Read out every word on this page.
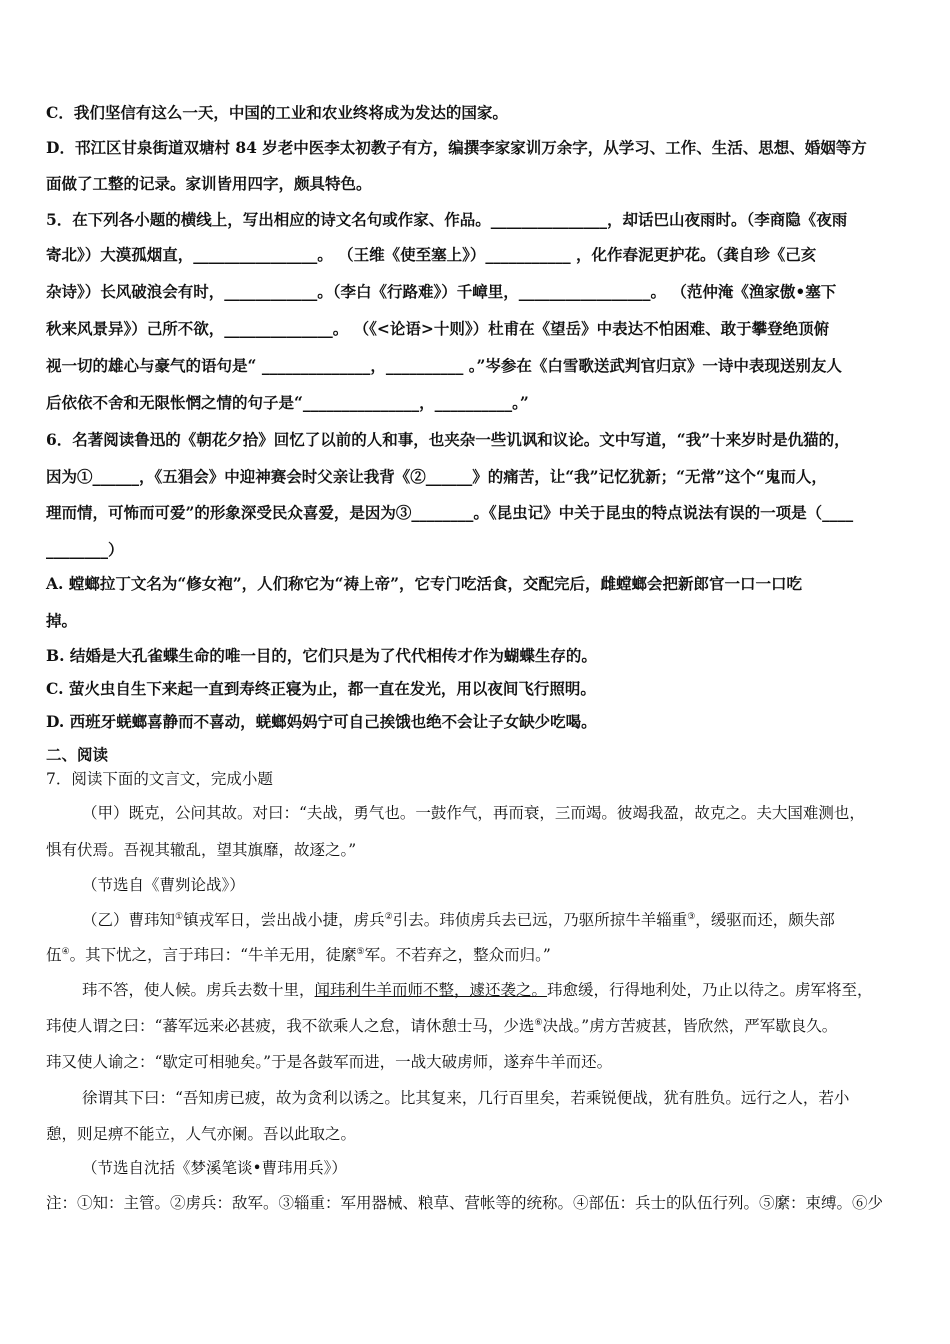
C．我们坚信有这么一天，中国的工业和农业终将成为发达的国家。
D．邗江区甘泉街道双塘村 84 岁老中医李太初教子有方，编撰李家家训万余字，从学习、工作、生活、思想、婚姻等方
面做了工整的记录。家训皆用四字，颇具特色。
5．在下列各小题的横线上，写出相应的诗文名句或作家、作品。_______________，却话巴山夜雨时。（李商隐《夜雨
寄北》）大漠孤烟直，________________。 （王维《使至塞上》）___________ ，化作春泥更护花。（龚自珍《己亥
杂诗》）长风破浪会有时，____________。（李白《行路难》）千嶂里，_________________。 （范仲淹《渔家傲•塞下
秋来风景异》）己所不欲，______________。 （《<论语>十则》）杜甫在《望岳》中表达不怕困难、敢于攀登绝顶俯
视一切的雄心与豪气的语句是“ ______________，__________ 。”岑参在《白雪歌送武判官归京》一诗中表现送别友人
后依依不舍和无限怅惘之情的句子是“_______________，__________。”
6．名著阅读鲁迅的《朝花夕拾》回忆了以前的人和事，也夹杂一些讥讽和议论。文中写道，“我”十来岁时是仇猫的，
因为①______，《五猖会》中迎神赛会时父亲让我背《②______》的痛苦，让“我”记忆犹新；“无常”这个“鬼而人，
理而情，可怖而可爱”的形象深受民众喜爱，是因为③________。《昆虫记》中关于昆虫的特点说法有误的一项是（____
________）
A. 螳螂拉丁文名为“修女袍”，人们称它为“祷上帝”，它专门吃活食，交配完后，雌螳螂会把新郎官一口一口吃
掉。
B. 结婚是大孔雀蝶生命的唯一目的，它们只是为了代代相传才作为蝴蝶生存的。
C. 萤火虫自生下来起一直到寿终正寝为止，都一直在发光，用以夜间飞行照明。
D. 西班牙蜣螂喜静而不喜动，蜣螂妈妈宁可自己挨饿也绝不会让子女缺少吃喝。
二、阅读
7．阅读下面的文言文，完成小题
（甲）既克，公问其故。对曰：“夫战，勇气也。一鼓作气，再而衰，三而竭。彼竭我盈，故克之。夫大国难测也，
惧有伏焉。吾视其辙乱，望其旗靡，故逐之。”
（节选自《曹刿论战》）
（乙）曹玮知①镇戎军日，尝出战小捷，虏兵②引去。玮侦虏兵去已远，乃驱所掠牛羊辎重③，缓驱而还，颇失部
伍④。其下忧之，言于玮曰：“牛羊无用，徒縻⑤军。不若弃之，整众而归。”
玮不答，使人候。虏兵去数十里，闻玮利牛羊而师不整，遽还袭之。玮愈缓，行得地利处，乃止以待之。虏军将至，
玮使人谓之曰：“蕃军远来必甚疲，我不欲乘人之怠，请休憩士马，少选⑥决战。”虏方苦疲甚，皆欣然，严军歇良久。
玮又使人谕之：“歇定可相驰矣。”于是各鼓军而进，一战大破虏师，遂弃牛羊而还。
徐谓其下曰：“吾知虏已疲，故为贪利以诱之。比其复来，几行百里矣，若乘锐便战，犹有胜负。远行之人，若小
憩，则足痹不能立，人气亦阑。吾以此取之。
（节选自沈括《梦溪笔谈•曹玮用兵》）
注：①知：主管。②虏兵：敌军。③辎重：军用器械、粮草、营帐等的统称。④部伍：兵士的队伍行列。⑤縻：束缚。⑥少
